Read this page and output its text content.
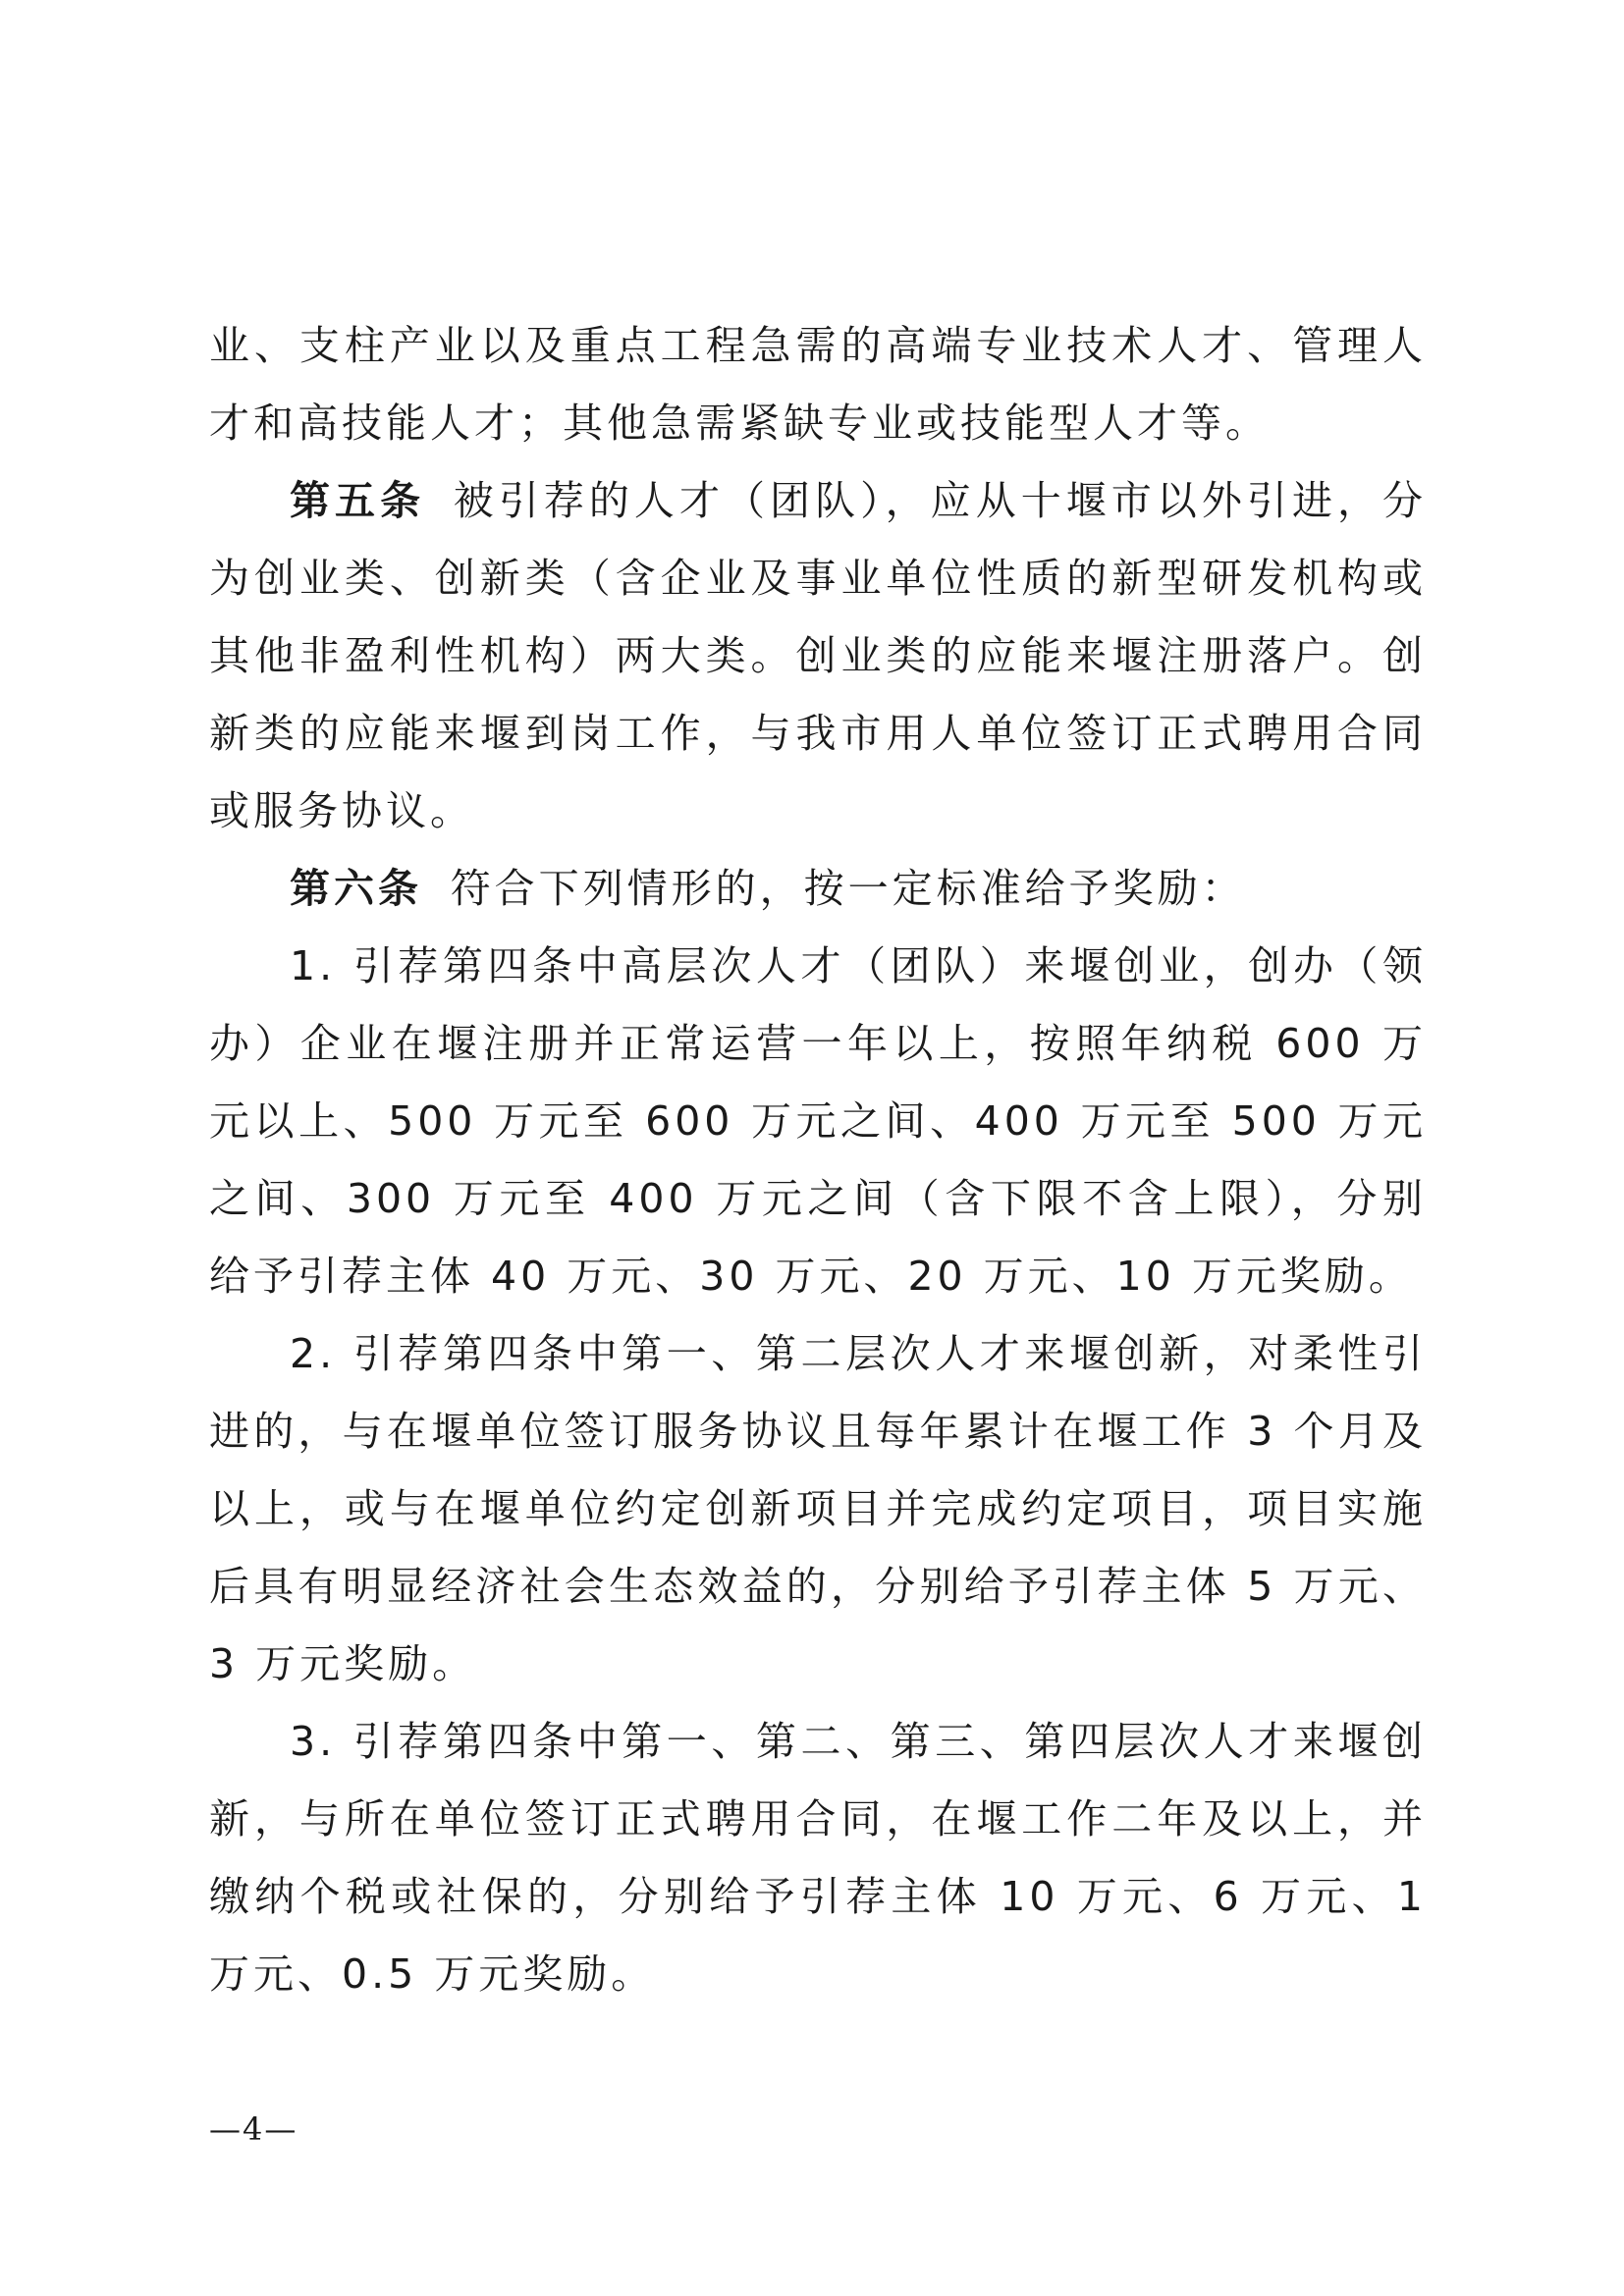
业、支柱产业以及重点工程急需的高端专业技术人才、管理人才和高技能人才；其他急需紧缺专业或技能型人才等。

第五条 被引荐的人才（团队），应从十堰市以外引进，分为创业类、创新类（含企业及事业单位性质的新型研发机构或其他非盈利性机构）两大类。创业类的应能来堰注册落户。创新类的应能来堰到岗工作，与我市用人单位签订正式聘用合同或服务协议。

第六条 符合下列情形的，按一定标准给予奖励：

1. 引荐第四条中高层次人才（团队）来堰创业，创办（领办）企业在堰注册并正常运营一年以上，按照年纳税 600 万元以上、500 万元至 600 万元之间、400 万元至 500 万元之间、300 万元至 400 万元之间（含下限不含上限），分别给予引荐主体 40 万元、30 万元、20 万元、10 万元奖励。

2. 引荐第四条中第一、第二层次人才来堰创新，对柔性引进的，与在堰单位签订服务协议且每年累计在堰工作 3 个月及以上，或与在堰单位约定创新项目并完成约定项目，项目实施后具有明显经济社会生态效益的，分别给予引荐主体 5 万元、3 万元奖励。

3. 引荐第四条中第一、第二、第三、第四层次人才来堰创新，与所在单位签订正式聘用合同，在堰工作二年及以上，并缴纳个税或社保的，分别给予引荐主体 10 万元、6 万元、1 万元、0.5 万元奖励。

—4—
